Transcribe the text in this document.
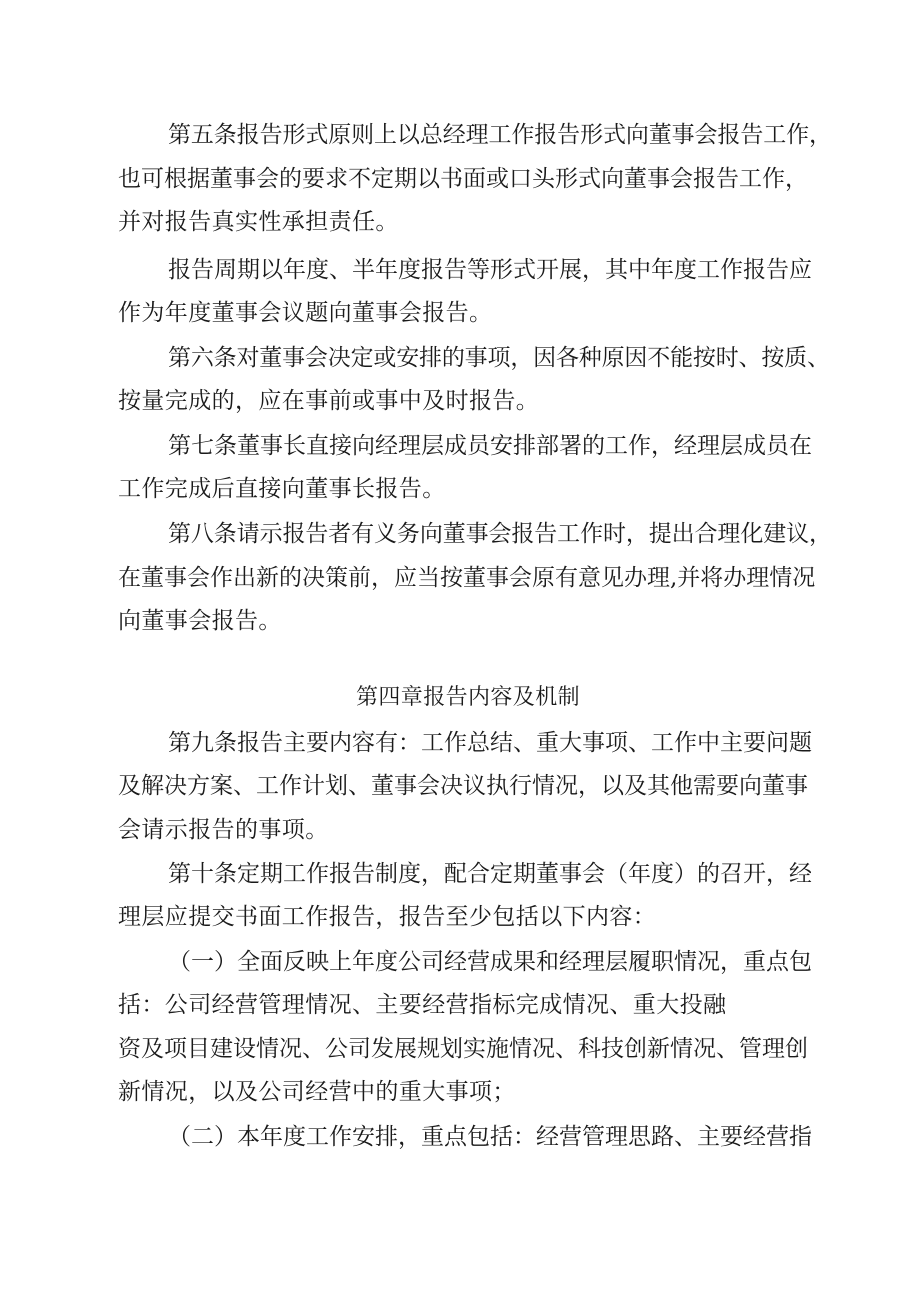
第五条报告形式原则上以总经理工作报告形式向董事会报告工作，
也可根据董事会的要求不定期以书面或口头形式向董事会报告工作，
并对报告真实性承担责任。
报告周期以年度、半年度报告等形式开展，其中年度工作报告应
作为年度董事会议题向董事会报告。
第六条对董事会决定或安排的事项，因各种原因不能按时、按质、
按量完成的，应在事前或事中及时报告。
第七条董事长直接向经理层成员安排部署的工作，经理层成员在
工作完成后直接向董事长报告。
第八条请示报告者有义务向董事会报告工作时，提出合理化建议，
在董事会作出新的决策前，应当按董事会原有意见办理,并将办理情况
向董事会报告。
第四章报告内容及机制
第九条报告主要内容有：工作总结、重大事项、工作中主要问题
及解决方案、工作计划、董事会决议执行情况，以及其他需要向董事
会请示报告的事项。
第十条定期工作报告制度，配合定期董事会（年度）的召开，经
理层应提交书面工作报告，报告至少包括以下内容：
（一）全面反映上年度公司经营成果和经理层履职情况，重点包
括：公司经营管理情况、主要经营指标完成情况、重大投融
资及项目建设情况、公司发展规划实施情况、科技创新情况、管理创
新情况，以及公司经营中的重大事项；
（二）本年度工作安排，重点包括：经营管理思路、主要经营指
